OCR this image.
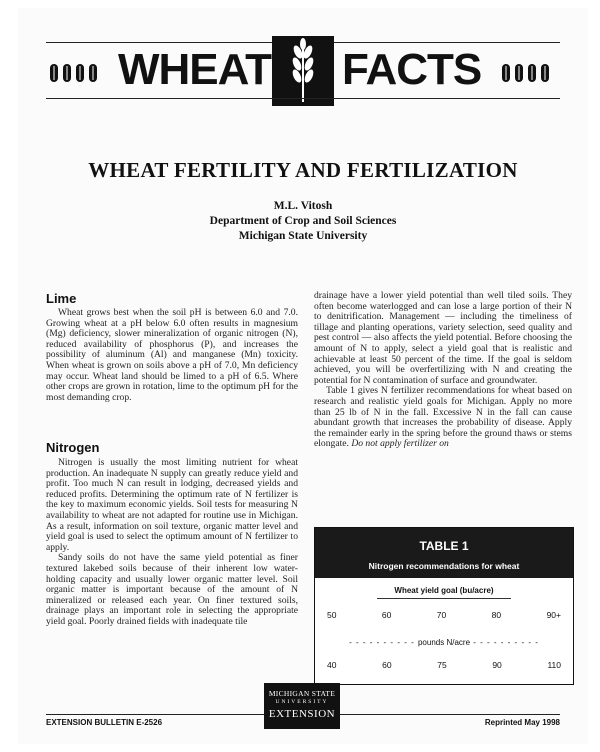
WHEAT FACTS
WHEAT FERTILITY AND FERTILIZATION
M.L. Vitosh
Department of Crop and Soil Sciences
Michigan State University
Lime

Wheat grows best when the soil pH is between 6.0 and 7.0. Growing wheat at a pH below 6.0 often results in magnesium (Mg) deficiency, slower mineralization of organic nitrogen (N), reduced availability of phosphorus (P), and increases the possibility of aluminum (Al) and manganese (Mn) toxicity. When wheat is grown on soils above a pH of 7.0, Mn deficiency may occur. Wheat land should be limed to a pH of 6.5. Where other crops are grown in rotation, lime to the optimum pH for the most demanding crop.

Nitrogen

Nitrogen is usually the most limiting nutrient for wheat production. An inadequate N supply can greatly reduce yield and profit. Too much N can result in lodging, decreased yields and reduced profits. Determining the optimum rate of N fertilizer is the key to maximum economic yields. Soil tests for measuring N availability to wheat are not adapted for routine use in Michigan. As a result, information on soil texture, organic matter level and yield goal is used to select the optimum amount of N fertilizer to apply.

Sandy soils do not have the same yield potential as finer textured lakebed soils because of their inherent low water-holding capacity and usually lower organic matter level. Soil organic matter is important because of the amount of N mineralized or released each year. On finer textured soils, drainage plays an important role in selecting the appropriate yield goal. Poorly drained fields with inadequate tile

drainage have a lower yield potential than well tiled soils. They often become waterlogged and can lose a large portion of their N to denitrification. Management — including the timeliness of tillage and planting operations, variety selection, seed quality and pest control — also affects the yield potential. Before choosing the amount of N to apply, select a yield goal that is realistic and achievable at least 50 percent of the time. If the goal is seldom achieved, you will be overfertilizing with N and creating the potential for N contamination of surface and groundwater.

Table 1 gives N fertilizer recommendations for wheat based on research and realistic yield goals for Michigan. Apply no more than 25 lb of N in the fall. Excessive N in the fall can cause abundant growth that increases the probability of disease. Apply the remainder early in the spring before the ground thaws or stems elongate. Do not apply fertilizer on

TABLE 1
Nitrogen recommendations for wheat
Wheat yield goal (bu/acre)
50	60	70	80	90+
- - - - - - - - - - pounds N/acre - - - - - - - - - -
40	60	75	90	110
EXTENSION BULLETIN E-2526	Reprinted May 1998
MICHIGAN STATE
UNIVERSITY
EXTENSION
